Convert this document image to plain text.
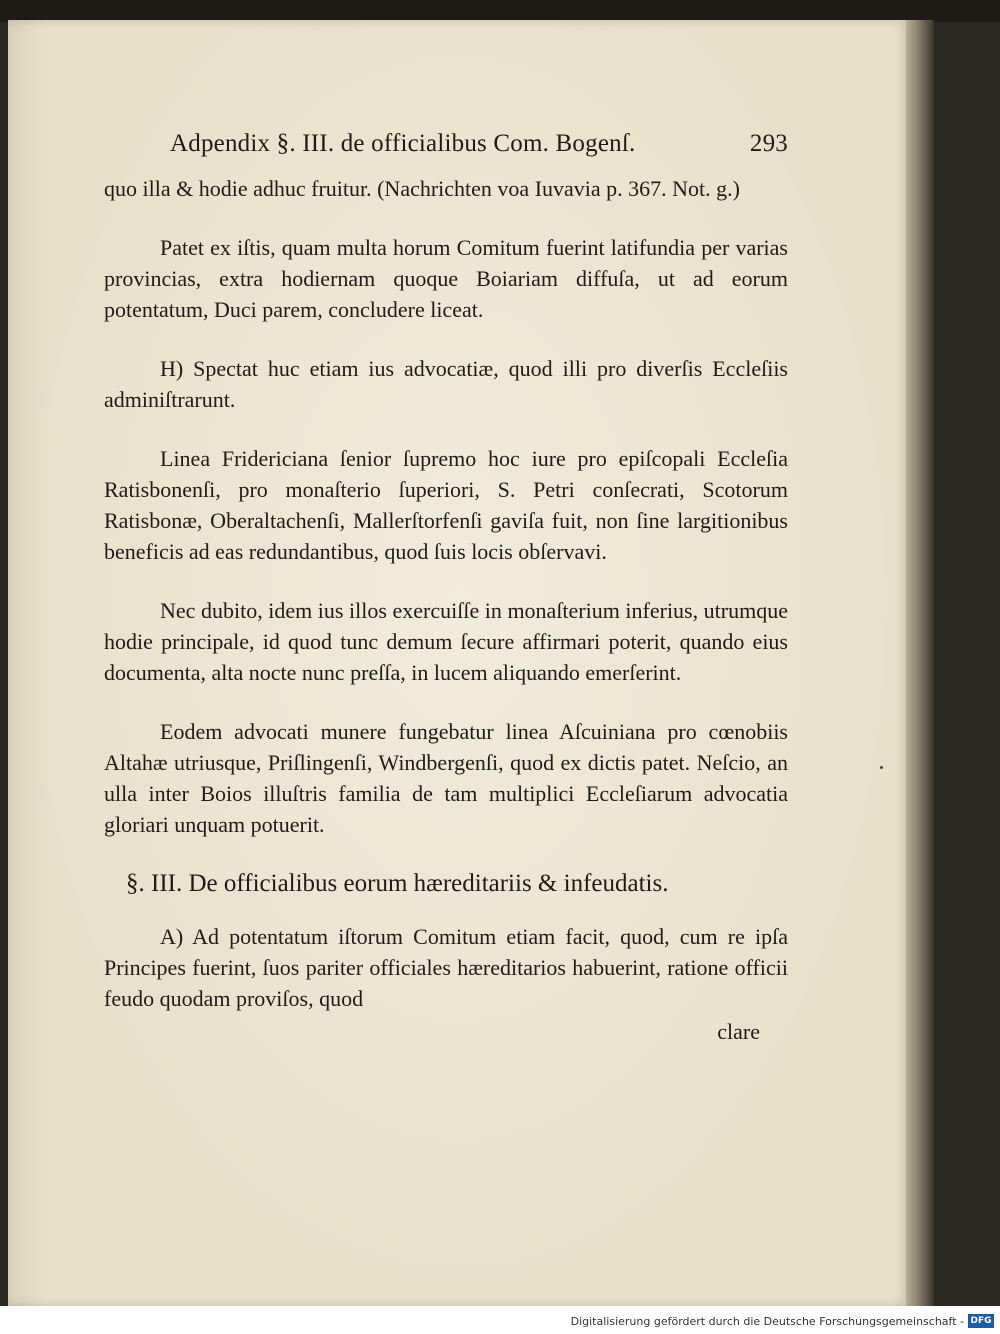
Adpendix §. III. de officialibus Com. Bogenſ.	293

quo illa & hodie adhuc fruitur. (Nachrichten voa Iuvavia p. 367. Not. g.)

Patet ex iſtis, quam multa horum Comitum fuerint latifundia per varias provincias, extra hodiernam quoque Boiariam diffuſa, ut ad eorum potentatum, Duci parem, concludere liceat.

H) Spectat huc etiam ius advocatiæ, quod illi pro diverſis Eccleſiis adminiſtrarunt.

Linea Fridericiana ſenior ſupremo hoc iure pro epiſcopali Eccleſia Ratisbonenſi, pro monaſterio ſuperiori, S. Petri conſecrati, Scotorum Ratisbonæ, Oberaltachenſi, Mallerſtorfenſi gaviſa fuit, non ſine largitionibus beneficis ad eas redundantibus, quod ſuis locis obſervavi.

Nec dubito, idem ius illos exercuiſſe in monaſterium inferius, utrumque hodie principale, id quod tunc demum ſecure affirmari poterit, quando eius documenta, alta nocte nunc preſſa, in lucem aliquando emerſerint.

Eodem advocati munere fungebatur linea Aſcuiniana pro cœnobiis Altahæ utriusque, Priſlingenſi, Windbergenſi, quod ex dictis patet. Neſcio, an ulla inter Boios illuſtris familia de tam multiplici Eccleſiarum advocatia gloriari unquam potuerit.

§. III. De officialibus eorum hæreditariis & infeudatis.

A) Ad potentatum iſtorum Comitum etiam facit, quod, cum re ipſa Principes fuerint, ſuos pariter officiales hæreditarios habuerint, ratione officii feudo quodam proviſos, quod

clare
Digitalisierung gefördert durch die Deutsche Forschungsgemeinschaft - DFG
